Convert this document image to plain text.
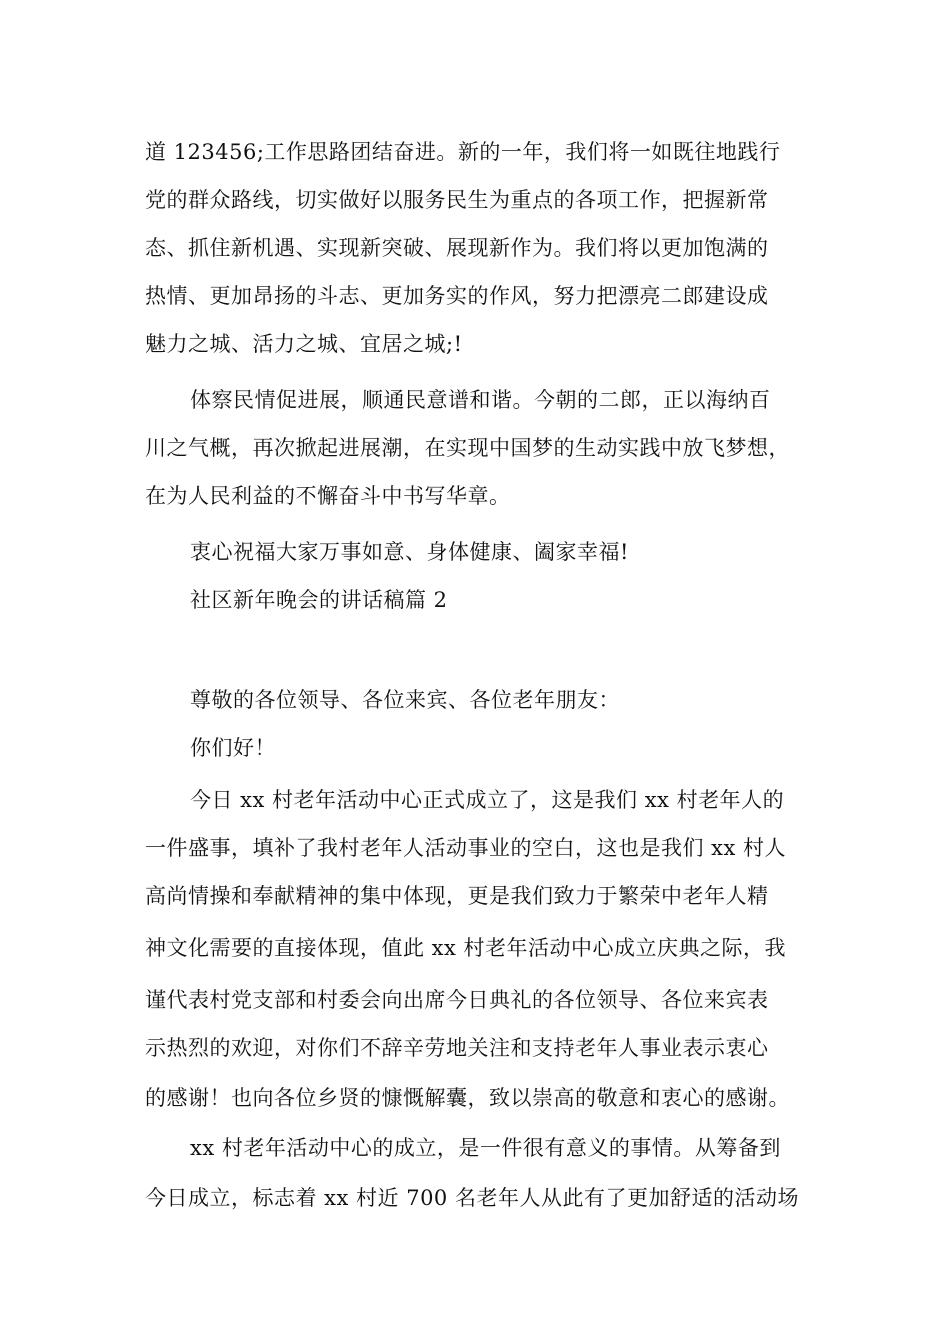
道 123456;工作思路团结奋进。新的一年，我们将一如既往地践行
党的群众路线，切实做好以服务民生为重点的各项工作，把握新常
态、抓住新机遇、实现新突破、展现新作为。我们将以更加饱满的
热情、更加昂扬的斗志、更加务实的作风，努力把漂亮二郎建设成
魅力之城、活力之城、宜居之城;!
体察民情促进展，顺通民意谱和谐。今朝的二郎，正以海纳百
川之气概，再次掀起进展潮，在实现中国梦的生动实践中放飞梦想，
在为人民利益的不懈奋斗中书写华章。
衷心祝福大家万事如意、身体健康、阖家幸福!
社区新年晚会的讲话稿篇 2
尊敬的各位领导、各位来宾、各位老年朋友：
你们好！
今日 xx 村老年活动中心正式成立了，这是我们 xx 村老年人的
一件盛事，填补了我村老年人活动事业的空白，这也是我们 xx 村人
高尚情操和奉献精神的集中体现，更是我们致力于繁荣中老年人精
神文化需要的直接体现，值此 xx 村老年活动中心成立庆典之际，我
谨代表村党支部和村委会向出席今日典礼的各位领导、各位来宾表
示热烈的欢迎，对你们不辞辛劳地关注和支持老年人事业表示衷心
的感谢！也向各位乡贤的慷慨解囊，致以崇高的敬意和衷心的感谢。
xx 村老年活动中心的成立，是一件很有意义的事情。从筹备到
今日成立，标志着 xx 村近 700 名老年人从此有了更加舒适的活动场
